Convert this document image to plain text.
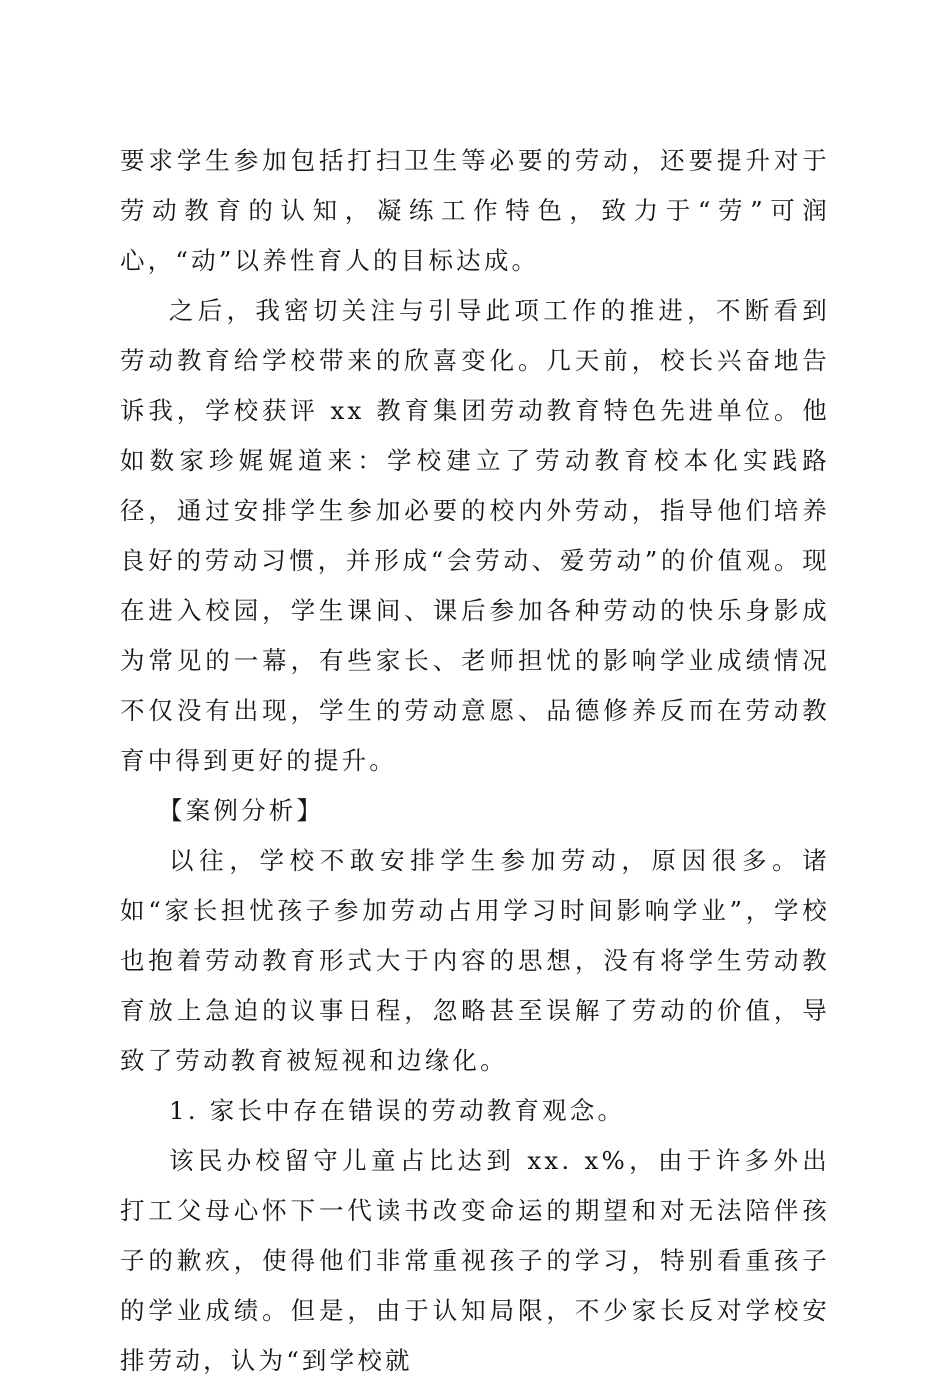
要求学生参加包括打扫卫生等必要的劳动，还要提升对于劳动教育的认知，凝练工作特色，致力于“劳”可润心，“动”以养性育人的目标达成。

之后，我密切关注与引导此项工作的推进，不断看到劳动教育给学校带来的欣喜变化。几天前，校长兴奋地告诉我，学校获评 xx 教育集团劳动教育特色先进单位。他如数家珍娓娓道来：学校建立了劳动教育校本化实践路径，通过安排学生参加必要的校内外劳动，指导他们培养良好的劳动习惯，并形成“会劳动、爱劳动”的价值观。现在进入校园，学生课间、课后参加各种劳动的快乐身影成为常见的一幕，有些家长、老师担忧的影响学业成绩情况不仅没有出现，学生的劳动意愿、品德修养反而在劳动教育中得到更好的提升。

【案例分析】

以往，学校不敢安排学生参加劳动，原因很多。诸如“家长担忧孩子参加劳动占用学习时间影响学业”，学校也抱着劳动教育形式大于内容的思想，没有将学生劳动教育放上急迫的议事日程，忽略甚至误解了劳动的价值，导致了劳动教育被短视和边缘化。

1. 家长中存在错误的劳动教育观念。

该民办校留守儿童占比达到 xx. x%，由于许多外出打工父母心怀下一代读书改变命运的期望和对无法陪伴孩子的歉疚，使得他们非常重视孩子的学习，特别看重孩子的学业成绩。但是，由于认知局限，不少家长反对学校安排劳动，认为“到学校就
